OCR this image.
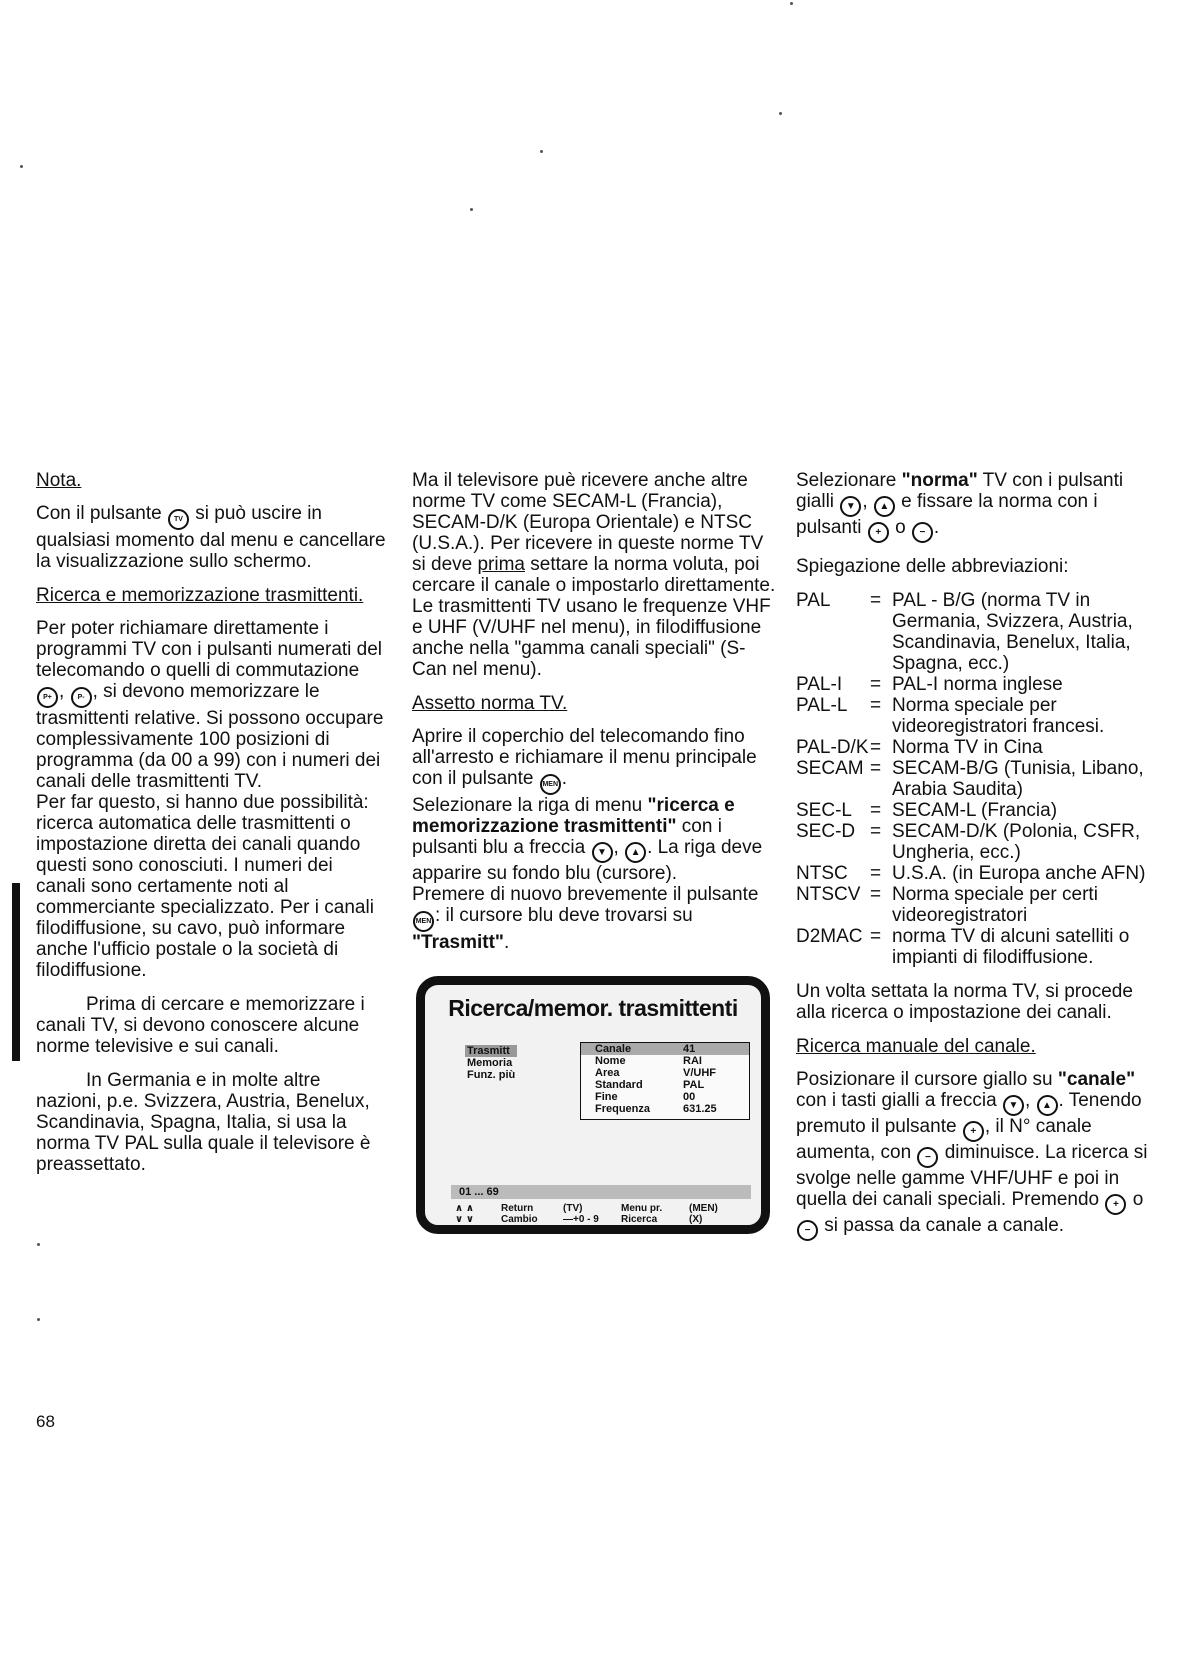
Nota.

Con il pulsante TV si può uscire in qualsiasi momento dal menu e cancellare la visualizzazione sullo schermo.

Ricerca e memorizzazione trasmittenti.

Per poter richiamare direttamente i programmi TV con i pulsanti numerati del telecomando o quelli di commutazione P+ , P- , si devono memorizzare le trasmittenti relative. Si possono occupare complessivamente 100 posizioni di programma (da 00 a 99) con i numeri dei canali delle trasmittenti TV.

Per far questo, si hanno due possibilità: ricerca automatica delle trasmittenti o impostazione diretta dei canali quando questi sono conosciuti. I numeri dei canali sono certamente noti al commerciante specializzato. Per i canali filodiffusione, su cavo, può informare anche l'ufficio postale o la società di filodiffusione.

Prima di cercare e memorizzare i canali TV, si devono conoscere alcune norme televisive e sui canali.

In Germania e in molte altre nazioni, p.e. Svizzera, Austria, Benelux, Scandinavia, Spagna, Italia, si usa la norma TV PAL sulla quale il televisore è preassettato.

Ma il televisore puè ricevere anche altre norme TV come SECAM-L (Francia), SECAM-D/K (Europa Orientale) e NTSC (U.S.A.). Per ricevere in queste norme TV si deve prima settare la norma voluta, poi cercare il canale o impostarlo direttamente.

Le trasmittenti TV usano le frequenze VHF e UHF (V/UHF nel menu), in filodiffusione anche nella "gamma canali speciali" (S-Can nel menu).

Assetto norma TV.

Aprire il coperchio del telecomando fino all'arresto e richiamare il menu principale con il pulsante MEN .

Selezionare la riga di menu "ricerca e memorizzazione trasmittenti" con i pulsanti blu a freccia ▼ , ▲ . La riga deve apparire su fondo blu (cursore).

Premere di nuovo brevemente il pulsante MEN : il cursore blu deve trovarsi su "Trasmitt".

Ricerca/memor. trasmittenti
Trasmitt
Memoria
Funz. più
Canale	41
Nome	RAI
Area	V/UHF
Standard	PAL
Fine	00
Frequenza	631.25
01 ... 69
∧ ∧	Return	(TV)	Menu pr.	(MEN)
∨ ∨	Cambio	—+0 - 9	Ricerca	(X)

Selezionare "norma" TV con i pulsanti gialli ▼ , ▲ e fissare la norma con i pulsanti + o − .

Spiegazione delle abbreviazioni:

PAL	= PAL - B/G (norma TV in Germania, Svizzera, Austria, Scandinavia, Benelux, Italia, Spagna, ecc.)
PAL-I	= PAL-I norma inglese
PAL-L	= Norma speciale per videoregistratori francesi.
PAL-D/K = Norma TV in Cina
SECAM = SECAM-B/G (Tunisia, Libano, Arabia Saudita)
SEC-L = SECAM-L (Francia)
SEC-D = SECAM-D/K (Polonia, CSFR, Ungheria, ecc.)
NTSC	= U.S.A. (in Europa anche AFN)
NTSCV = Norma speciale per certi videoregistratori
D2MAC = norma TV di alcuni satelliti o impianti di filodiffusione.

Un volta settata la norma TV, si procede alla ricerca o impostazione dei canali.

Ricerca manuale del canale.

Posizionare il cursore giallo su "canale" con i tasti gialli a freccia ▼ , ▲ . Tenendo premuto il pulsante + , il N° canale aumenta, con − diminuisce. La ricerca si svolge nelle gamme VHF/UHF e poi in quella dei canali speciali. Premendo + o − si passa da canale a canale.

68
